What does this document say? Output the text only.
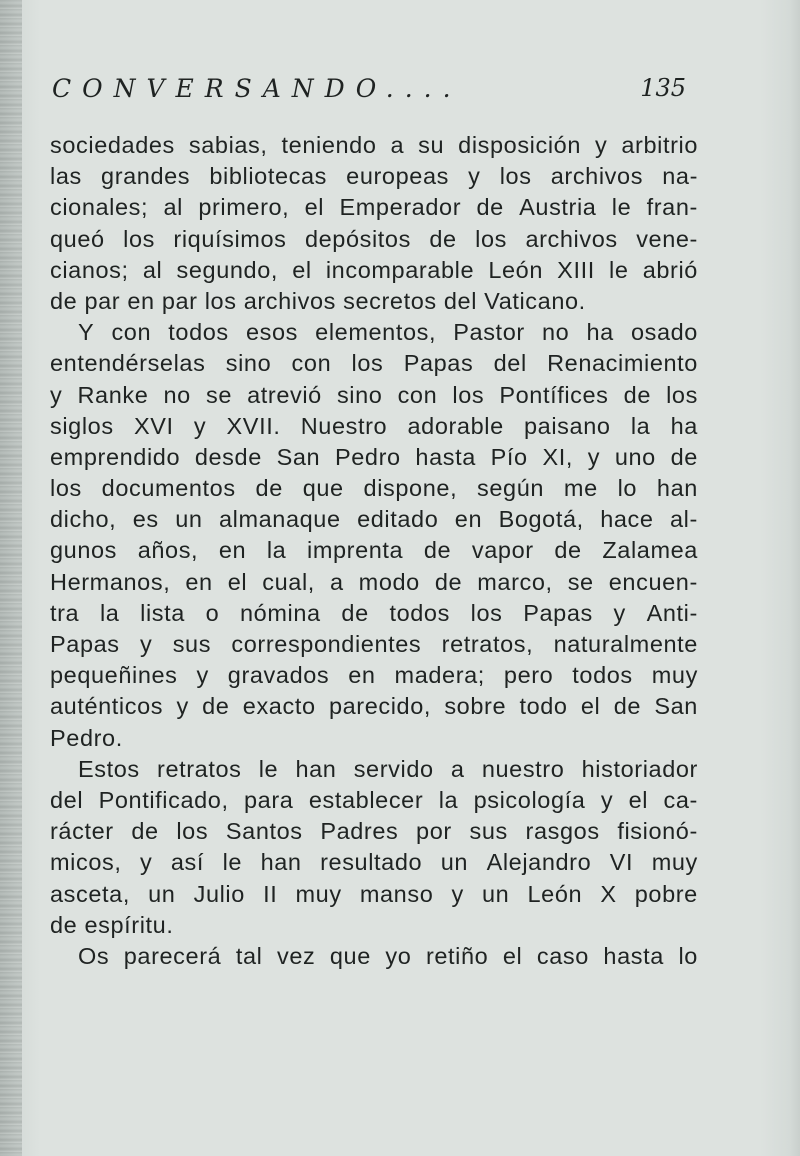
CONVERSANDO....	135
sociedades sabias, teniendo a su disposición y arbitrio
las grandes bibliotecas europeas y los archivos na-
cionales; al primero, el Emperador de Austria le fran-
queó los riquísimos depósitos de los archivos vene-
cianos; al segundo, el incomparable León XIII le abrió
de par en par los archivos secretos del Vaticano.
Y con todos esos elementos, Pastor no ha osado
entendérselas sino con los Papas del Renacimiento
y Ranke no se atrevió sino con los Pontífices de los
siglos XVI y XVII. Nuestro adorable paisano la ha
emprendido desde San Pedro hasta Pío XI, y uno de
los documentos de que dispone, según me lo han
dicho, es un almanaque editado en Bogotá, hace al-
gunos años, en la imprenta de vapor de Zalamea
Hermanos, en el cual, a modo de marco, se encuen-
tra la lista o nómina de todos los Papas y Anti-
Papas y sus correspondientes retratos, naturalmente
pequeñines y gravados en madera; pero todos muy
auténticos y de exacto parecido, sobre todo el de San
Pedro.
Estos retratos le han servido a nuestro historiador
del Pontificado, para establecer la psicología y el ca-
rácter de los Santos Padres por sus rasgos fisionó-
micos, y así le han resultado un Alejandro VI muy
asceta, un Julio II muy manso y un León X pobre
de espíritu.
Os parecerá tal vez que yo retiño el caso hasta lo
